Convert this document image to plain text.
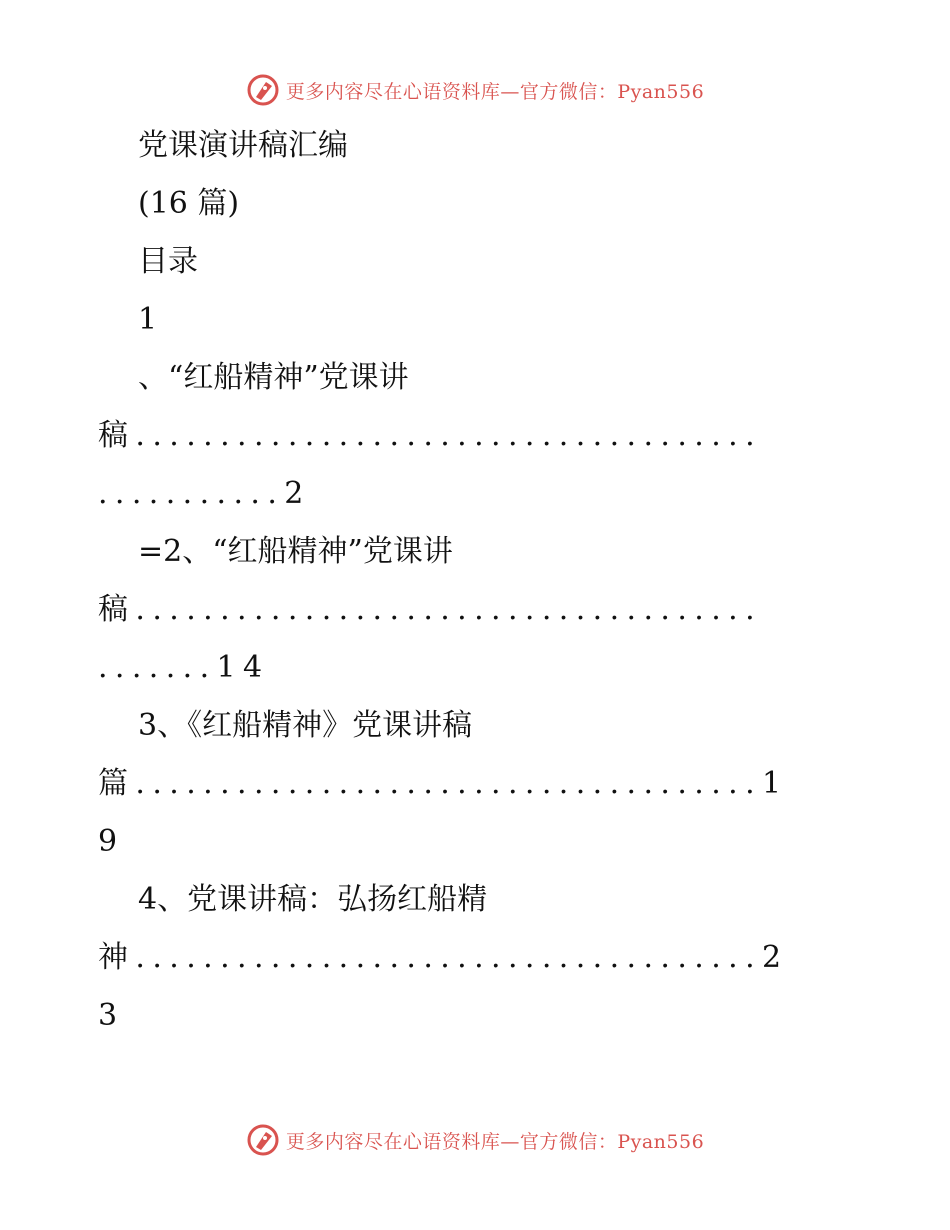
更多内容尽在心语资料库—官方微信：Pyan556
党课演讲稿汇编
(16 篇)
目录
1
、“红船精神”党课讲
稿.....................................
...........2
=2、“红船精神”党课讲
稿.....................................
.......14
3、《红船精神》党课讲稿
篇.....................................1
9
4、党课讲稿：弘扬红船精
神.....................................2
3
更多内容尽在心语资料库—官方微信：Pyan556
